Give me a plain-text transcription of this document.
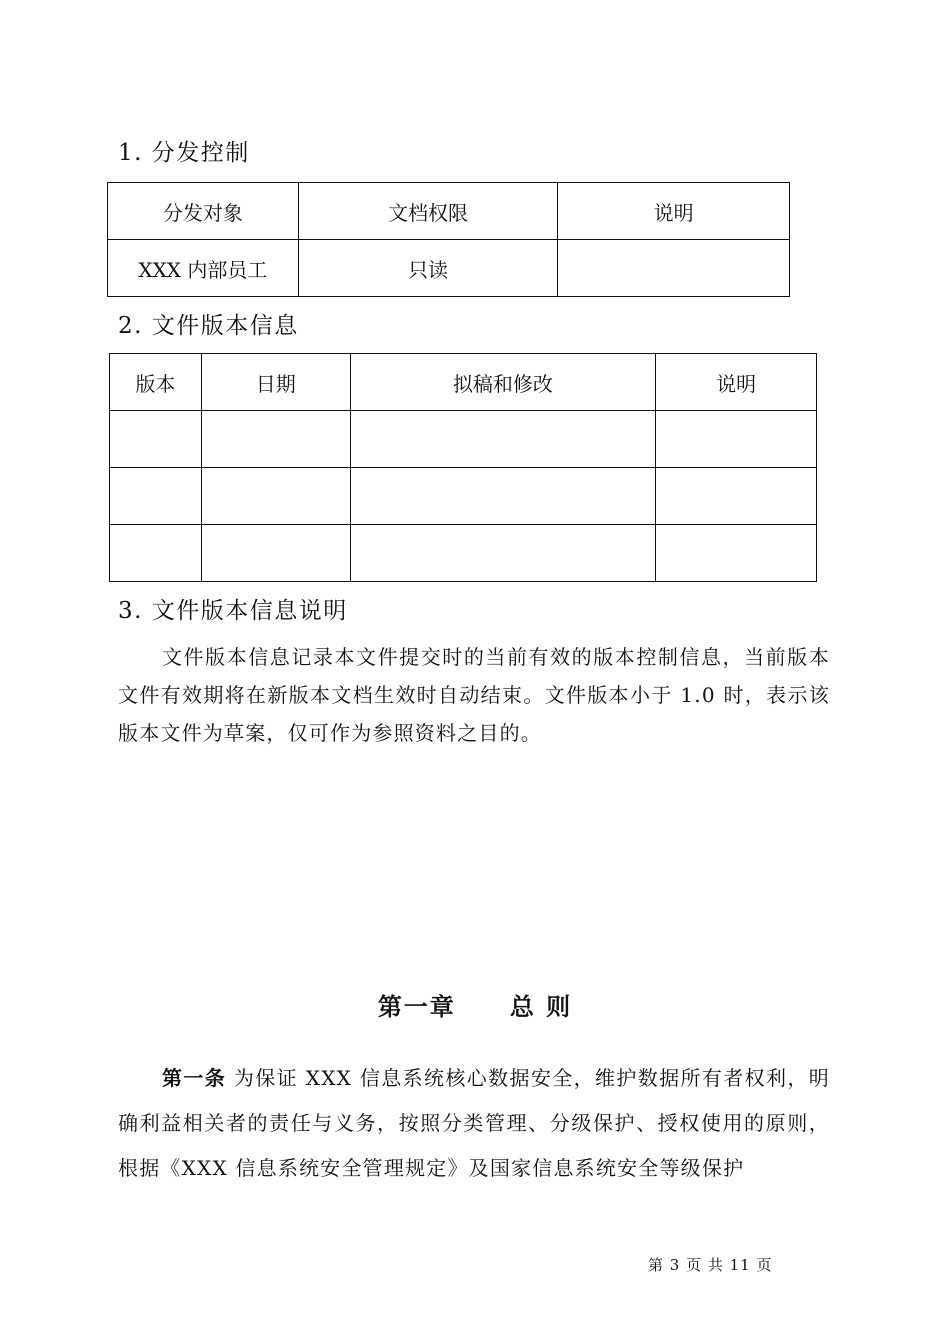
1. 分发控制
分发对象	文档权限	说明
XXX 内部员工	只读	
2. 文件版本信息
版本	日期	拟稿和修改	说明

3. 文件版本信息说明
文件版本信息记录本文件提交时的当前有效的版本控制信息，当前版本文件有效期将在新版本文档生效时自动结束。文件版本小于 1.0 时，表示该版本文件为草案，仅可作为参照资料之目的。
第一章 总 则
第一条 为保证 XXX 信息系统核心数据安全，维护数据所有者权利，明确利益相关者的责任与义务，按照分类管理、分级保护、授权使用的原则，根据《XXX 信息系统安全管理规定》及国家信息系统安全等级保护
第 3 页 共 11 页
